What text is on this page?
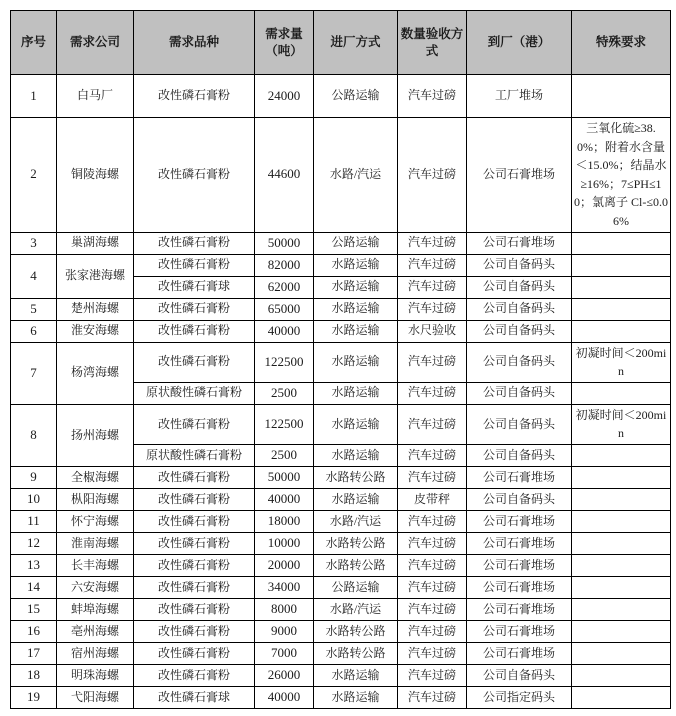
序号	需求公司	需求品种	需求量（吨）	进厂方式	数量验收方式	到厂（港）	特殊要求
1	白马厂	改性磷石膏粉	24000	公路运输	汽车过磅	工厂堆场	
2	铜陵海螺	改性磷石膏粉	44600	水路/汽运	汽车过磅	公司石膏堆场	三氧化硫≥38.0%；附着水含量＜15.0%；结晶水≥16%；7≤PH≤10；氯离子 Cl-≤0.06%
3	巢湖海螺	改性磷石膏粉	50000	公路运输	汽车过磅	公司石膏堆场	
4	张家港海螺	改性磷石膏粉	82000	水路运输	汽车过磅	公司自备码头	
		改性磷石膏球	62000	水路运输	汽车过磅	公司自备码头	
5	楚州海螺	改性磷石膏粉	65000	水路运输	汽车过磅	公司自备码头	
6	淮安海螺	改性磷石膏粉	40000	水路运输	水尺验收	公司自备码头	
7	杨湾海螺	改性磷石膏粉	122500	水路运输	汽车过磅	公司自备码头	初凝时间＜200min
		原状酸性磷石膏粉	2500	水路运输	汽车过磅	公司自备码头	
8	扬州海螺	改性磷石膏粉	122500	水路运输	汽车过磅	公司自备码头	初凝时间＜200min
		原状酸性磷石膏粉	2500	水路运输	汽车过磅	公司自备码头	
9	全椒海螺	改性磷石膏粉	50000	水路转公路	汽车过磅	公司石膏堆场	
10	枞阳海螺	改性磷石膏粉	40000	水路运输	皮带秤	公司自备码头	
11	怀宁海螺	改性磷石膏粉	18000	水路/汽运	汽车过磅	公司石膏堆场	
12	淮南海螺	改性磷石膏粉	10000	水路转公路	汽车过磅	公司石膏堆场	
13	长丰海螺	改性磷石膏粉	20000	水路转公路	汽车过磅	公司石膏堆场	
14	六安海螺	改性磷石膏粉	34000	公路运输	汽车过磅	公司石膏堆场	
15	蚌埠海螺	改性磷石膏粉	8000	水路/汽运	汽车过磅	公司石膏堆场	
16	亳州海螺	改性磷石膏粉	9000	水路转公路	汽车过磅	公司石膏堆场	
17	宿州海螺	改性磷石膏粉	7000	水路转公路	汽车过磅	公司石膏堆场	
18	明珠海螺	改性磷石膏粉	26000	水路运输	汽车过磅	公司自备码头	
19	弋阳海螺	改性磷石膏球	40000	水路运输	汽车过磅	公司指定码头	
